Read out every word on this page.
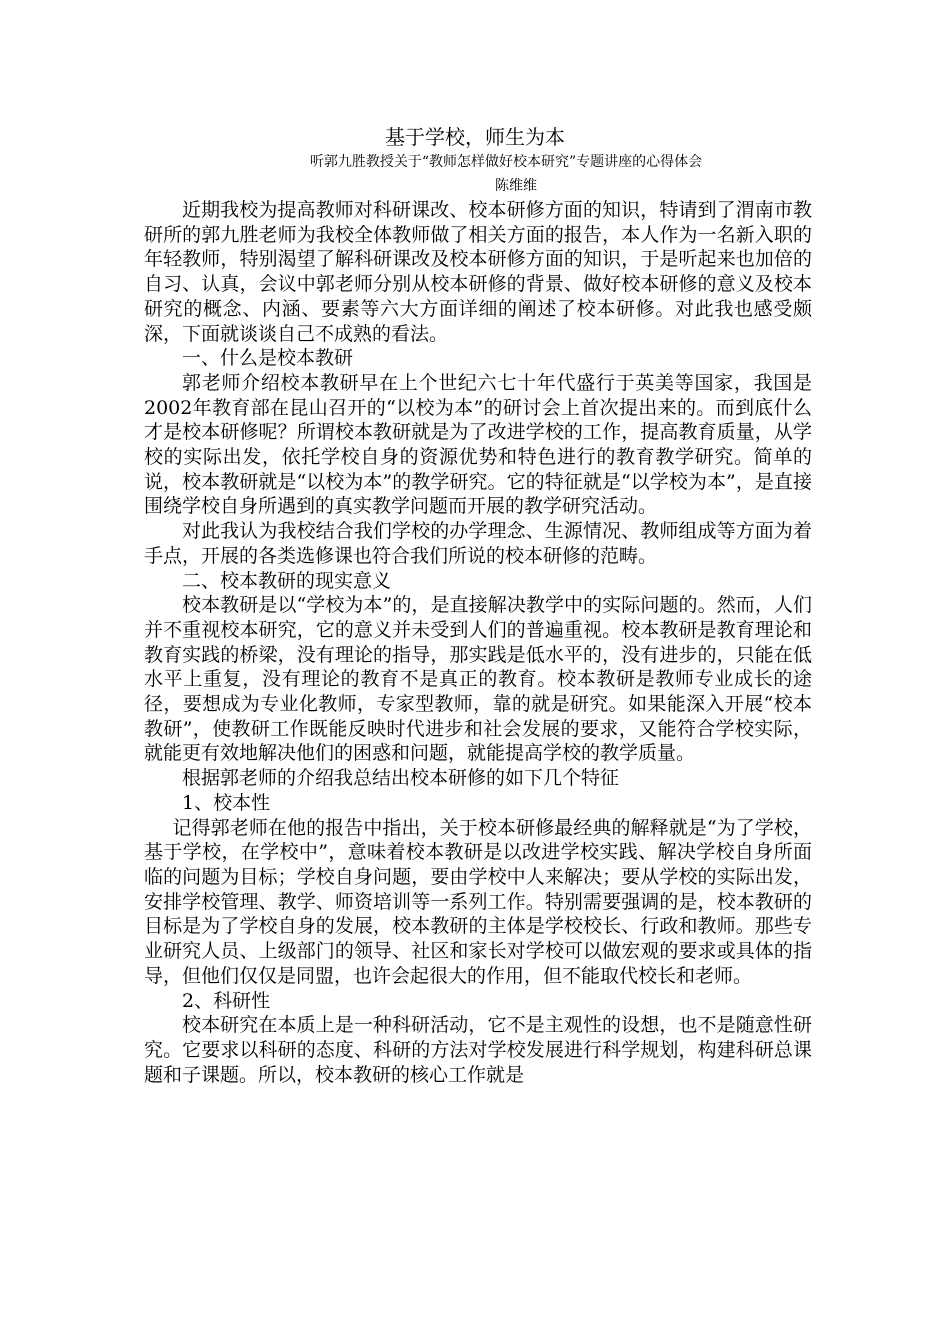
基于学校，师生为本
听郭九胜教授关于“教师怎样做好校本研究”专题讲座的心得体会
陈维维

近期我校为提高教师对科研课改、校本研修方面的知识，特请到了渭南市教研所的郭九胜老师为我校全体教师做了相关方面的报告，本人作为一名新入职的年轻教师，特别渴望了解科研课改及校本研修方面的知识，于是听起来也加倍的自习、认真，会议中郭老师分别从校本研修的背景、做好校本研修的意义及校本研究的概念、内涵、要素等六大方面详细的阐述了校本研修。对此我也感受颇深，下面就谈谈自己不成熟的看法。

一、什么是校本教研

郭老师介绍校本教研早在上个世纪六七十年代盛行于英美等国家，我国是2002年教育部在昆山召开的“以校为本”的研讨会上首次提出来的。而到底什么才是校本研修呢？所谓校本教研就是为了改进学校的工作，提高教育质量，从学校的实际出发，依托学校自身的资源优势和特色进行的教育教学研究。简单的说，校本教研就是“以校为本”的教学研究。它的特征就是“以学校为本”，是直接围绕学校自身所遇到的真实教学问题而开展的教学研究活动。

对此我认为我校结合我们学校的办学理念、生源情况、教师组成等方面为着手点，开展的各类选修课也符合我们所说的校本研修的范畴。

二、校本教研的现实意义

校本教研是以“学校为本”的，是直接解决教学中的实际问题的。然而，人们并不重视校本研究，它的意义并未受到人们的普遍重视。校本教研是教育理论和教育实践的桥梁，没有理论的指导，那实践是低水平的，没有进步的，只能在低水平上重复，没有理论的教育不是真正的教育。校本教研是教师专业成长的途径，要想成为专业化教师，专家型教师，靠的就是研究。如果能深入开展“校本教研”，使教研工作既能反映时代进步和社会发展的要求，又能符合学校实际，就能更有效地解决他们的困惑和问题，就能提高学校的教学质量。

根据郭老师的介绍我总结出校本研修的如下几个特征

1、校本性

记得郭老师在他的报告中指出，关于校本研修最经典的解释就是“为了学校，基于学校，在学校中”，意味着校本教研是以改进学校实践、解决学校自身所面临的问题为目标；学校自身问题，要由学校中人来解决；要从学校的实际出发，安排学校管理、教学、师资培训等一系列工作。特别需要强调的是，校本教研的目标是为了学校自身的发展，校本教研的主体是学校校长、行政和教师。那些专业研究人员、上级部门的领导、社区和家长对学校可以做宏观的要求或具体的指导，但他们仅仅是同盟，也许会起很大的作用，但不能取代校长和老师。

2、科研性

校本研究在本质上是一种科研活动，它不是主观性的设想，也不是随意性研究。它要求以科研的态度、科研的方法对学校发展进行科学规划，构建科研总课题和子课题。所以，校本教研的核心工作就是
